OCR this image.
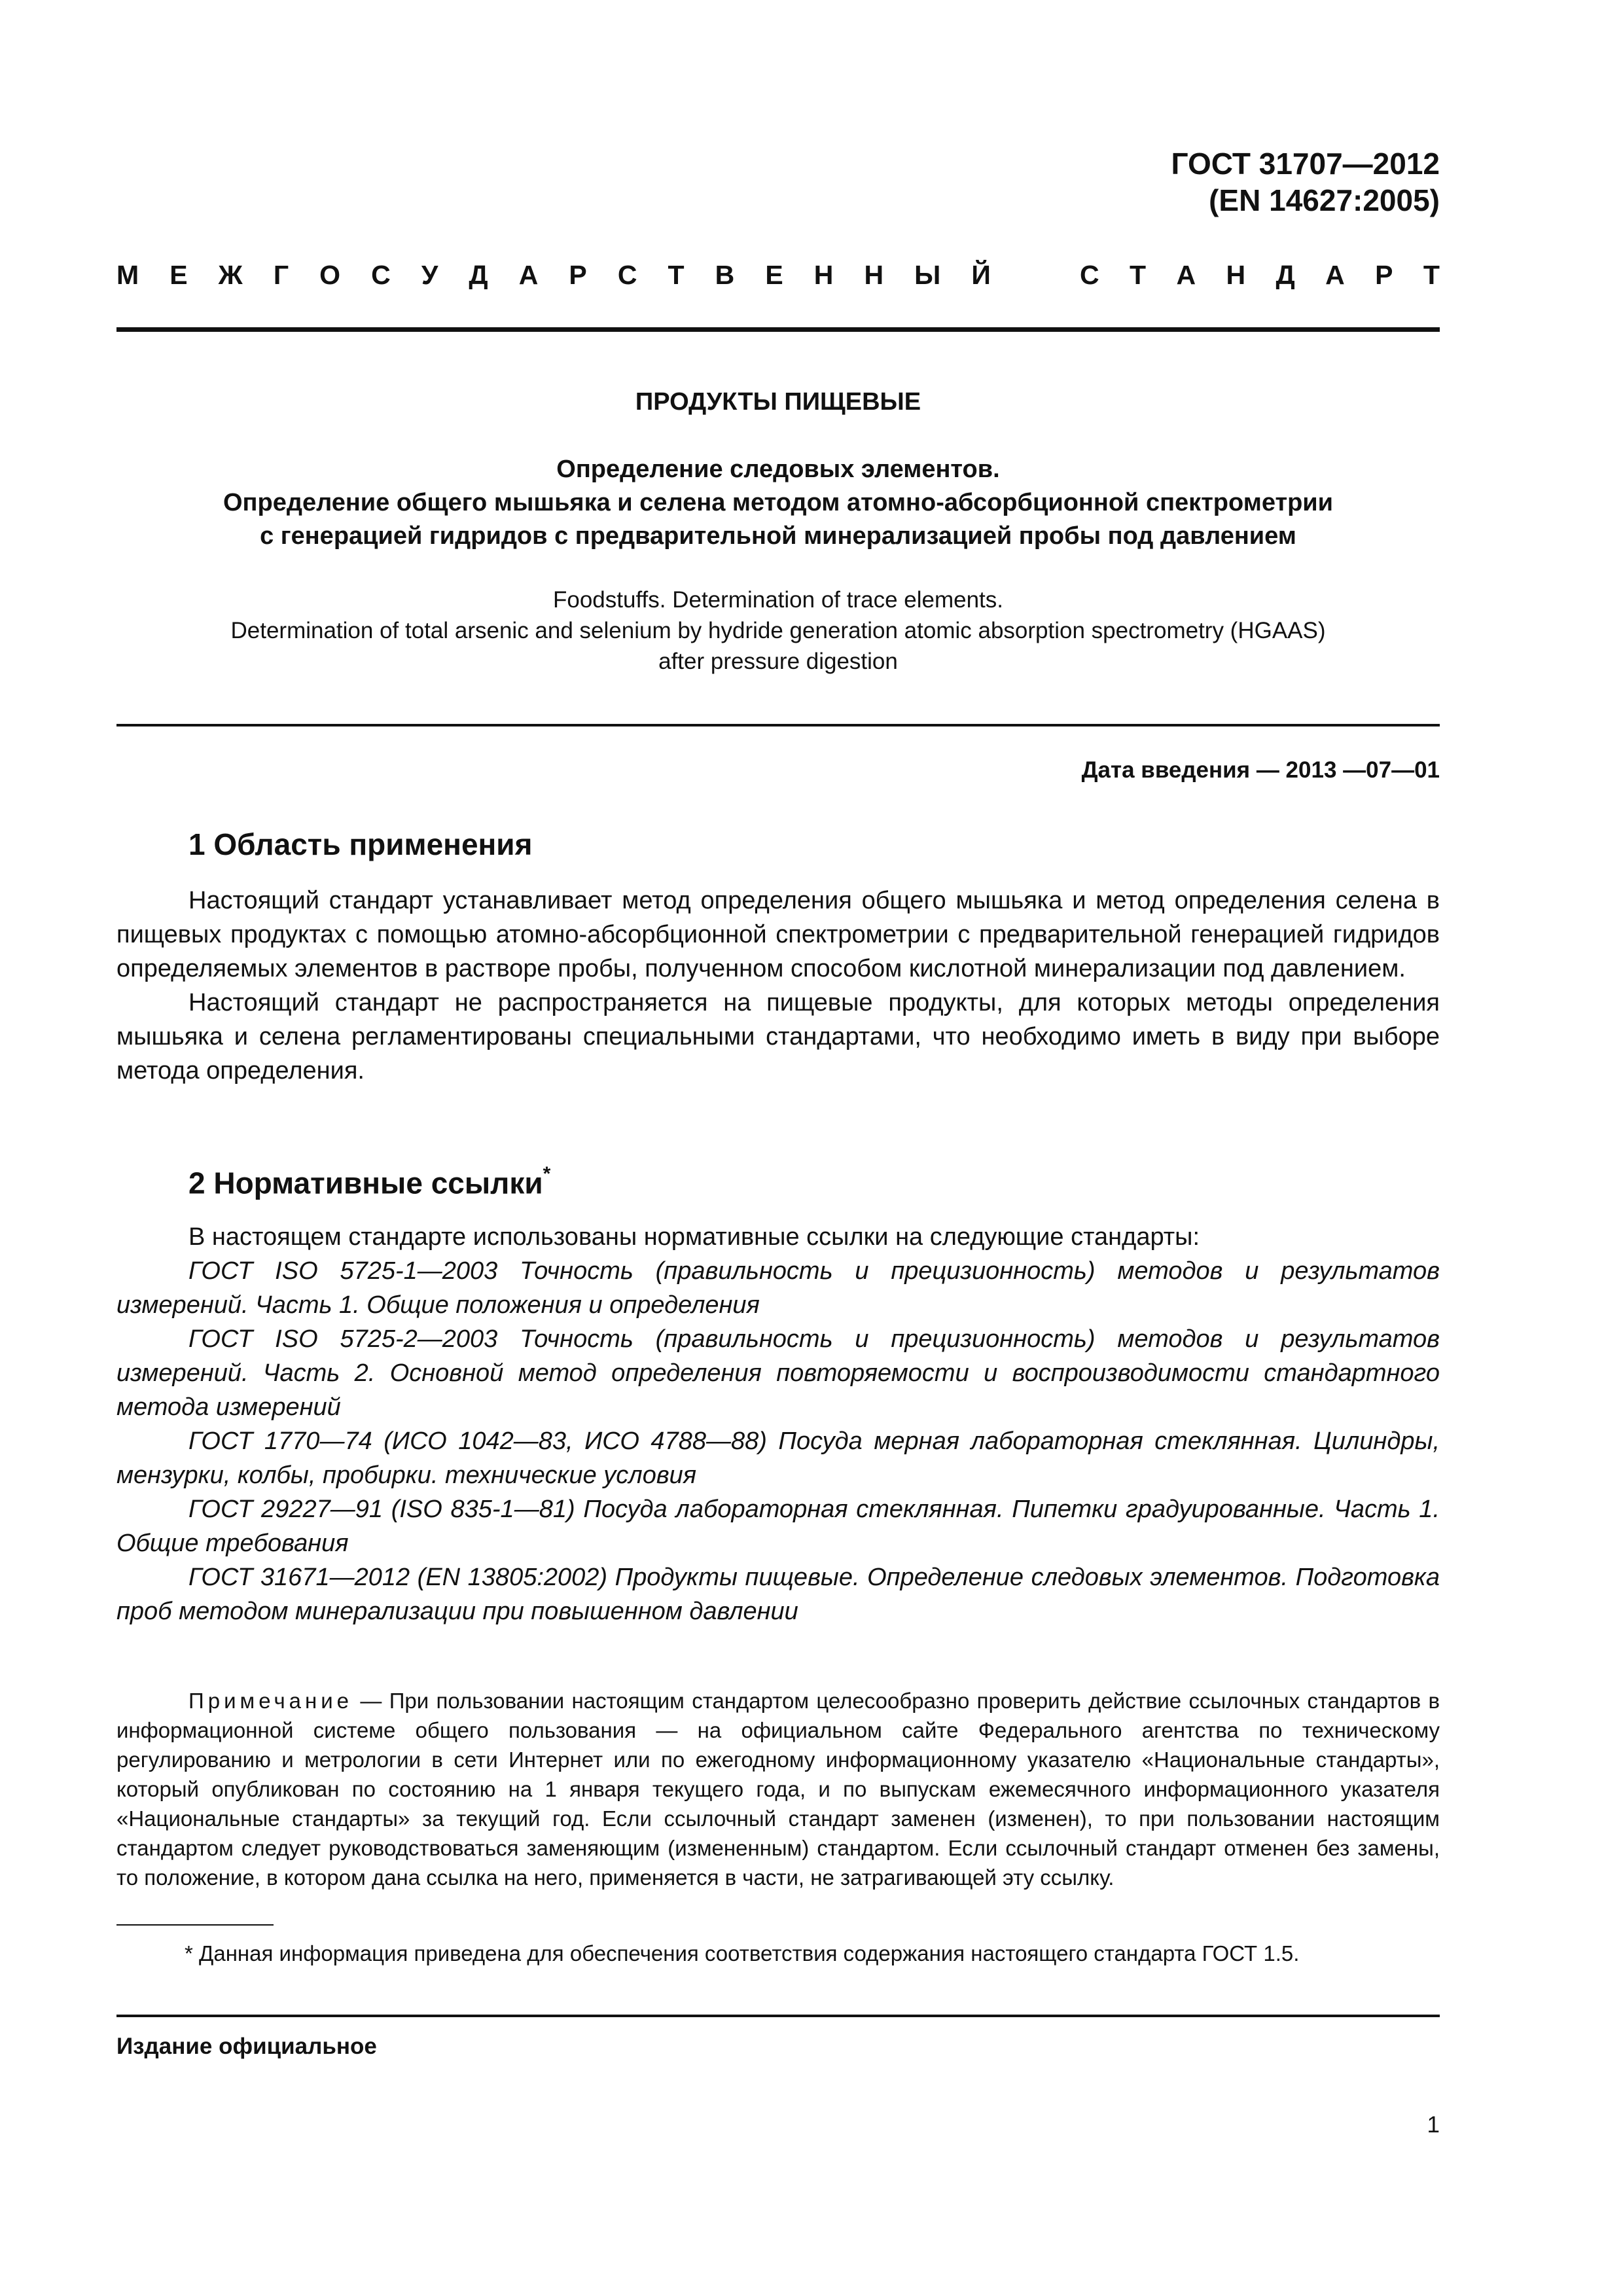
ГОСТ 31707—2012
(EN 14627:2005)
М Е Ж Г О С У Д А Р С Т В Е Н Н Ы Й	С Т А Н Д А Р Т
ПРОДУКТЫ ПИЩЕВЫЕ
Определение следовых элементов.
Определение общего мышьяка и селена методом атомно-абсорбционной спектрометрии
с генерацией гидридов с предварительной минерализацией пробы под давлением
Foodstuffs. Determination of trace elements.
Determination of total arsenic and selenium by hydride generation atomic absorption spectrometry (HGAAS)
after pressure digestion
Дата введения — 2013 —07—01
1 Область применения

Настоящий стандарт устанавливает метод определения общего мышьяка и метод определения селена в пищевых продуктах с помощью атомно-абсорбционной спектрометрии с предварительной генерацией гидридов определяемых элементов в растворе пробы, полученном способом кислотной минерализации под давлением.

Настоящий стандарт не распространяется на пищевые продукты, для которых методы определения мышьяка и селена регламентированы специальными стандартами, что необходимо иметь в виду при выборе метода определения.

2 Нормативные ссылки*

В настоящем стандарте использованы нормативные ссылки на следующие стандарты:

ГОСТ ISO 5725-1—2003 Точность (правильность и прецизионность) методов и результатов измерений. Часть 1. Общие положения и определения

ГОСТ ISO 5725-2—2003 Точность (правильность и прецизионность) методов и результатов измерений. Часть 2. Основной метод определения повторяемости и воспроизводимости стандартного метода измерений

ГОСТ 1770—74 (ИСО 1042—83, ИСО 4788—88) Посуда мерная лабораторная стеклянная. Цилиндры, мензурки, колбы, пробирки. технические условия

ГОСТ 29227—91 (ISO 835-1—81) Посуда лабораторная стеклянная. Пипетки градуированные. Часть 1. Общие требования

ГОСТ 31671—2012 (EN 13805:2002) Продукты пищевые. Определение следовых элементов. Подготовка проб методом минерализации при повышенном давлении

Примечание — При пользовании настоящим стандартом целесообразно проверить действие ссылочных стандартов в информационной системе общего пользования — на официальном сайте Федерального агентства по техническому регулированию и метрологии в сети Интернет или по ежегодному информационному указателю «Национальные стандарты», который опубликован по состоянию на 1 января текущего года, и по выпускам ежемесячного информационного указателя «Национальные стандарты» за текущий год. Если ссылочный стандарт заменен (изменен), то при пользовании настоящим стандартом следует руководствоваться заменяющим (измененным) стандартом. Если ссылочный стандарт отменен без замены, то положение, в котором дана ссылка на него, применяется в части, не затрагивающей эту ссылку.
* Данная информация приведена для обеспечения соответствия содержания настоящего стандарта ГОСТ 1.5.
Издание официальное
1
